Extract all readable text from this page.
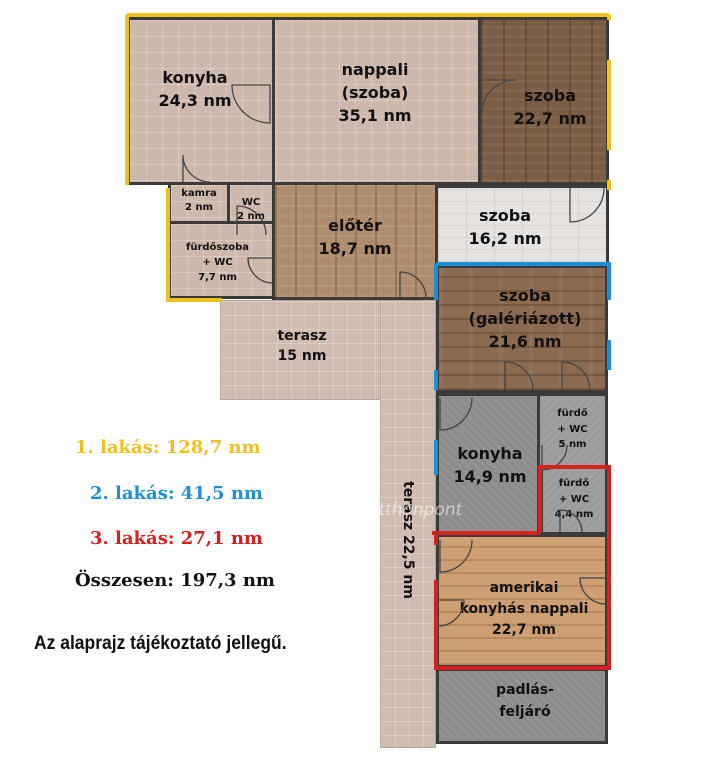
terasz
15 nm
terasz 22,5 nm
konyha
24,3 nm
nappali
(szoba)
35,1 nm
szoba
22,7 nm
kamra
2 nm	WC
2 nm
fürdőszoba
+ WC
7,7 nm
előtér
18,7 nm
szoba
16,2 nm
szoba
(galériázott)
21,6 nm
konyha
14,9 nm
fürdő
+ WC
5 nm
fürdő
+ WC
4,4 nm
amerikai
konyhás nappali
22,7 nm
padlás-
feljáró
otthonpont
1. lakás: 128,7 nm
2. lakás: 41,5 nm
3. lakás: 27,1 nm
Összesen: 197,3 nm
Az alaprajz tájékoztató jellegű.
